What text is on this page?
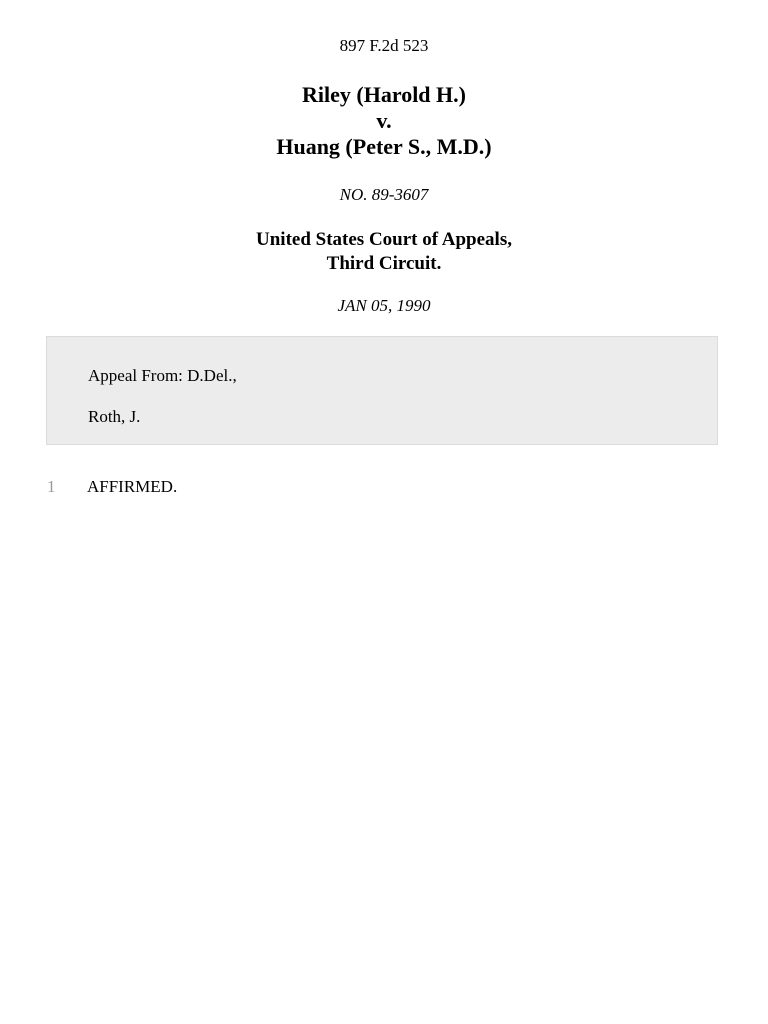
897 F.2d 523
Riley (Harold H.)
v.
Huang (Peter S., M.D.)
NO. 89-3607
United States Court of Appeals,
Third Circuit.
JAN 05, 1990
Appeal From: D.Del.,
Roth, J.
1 AFFIRMED.
